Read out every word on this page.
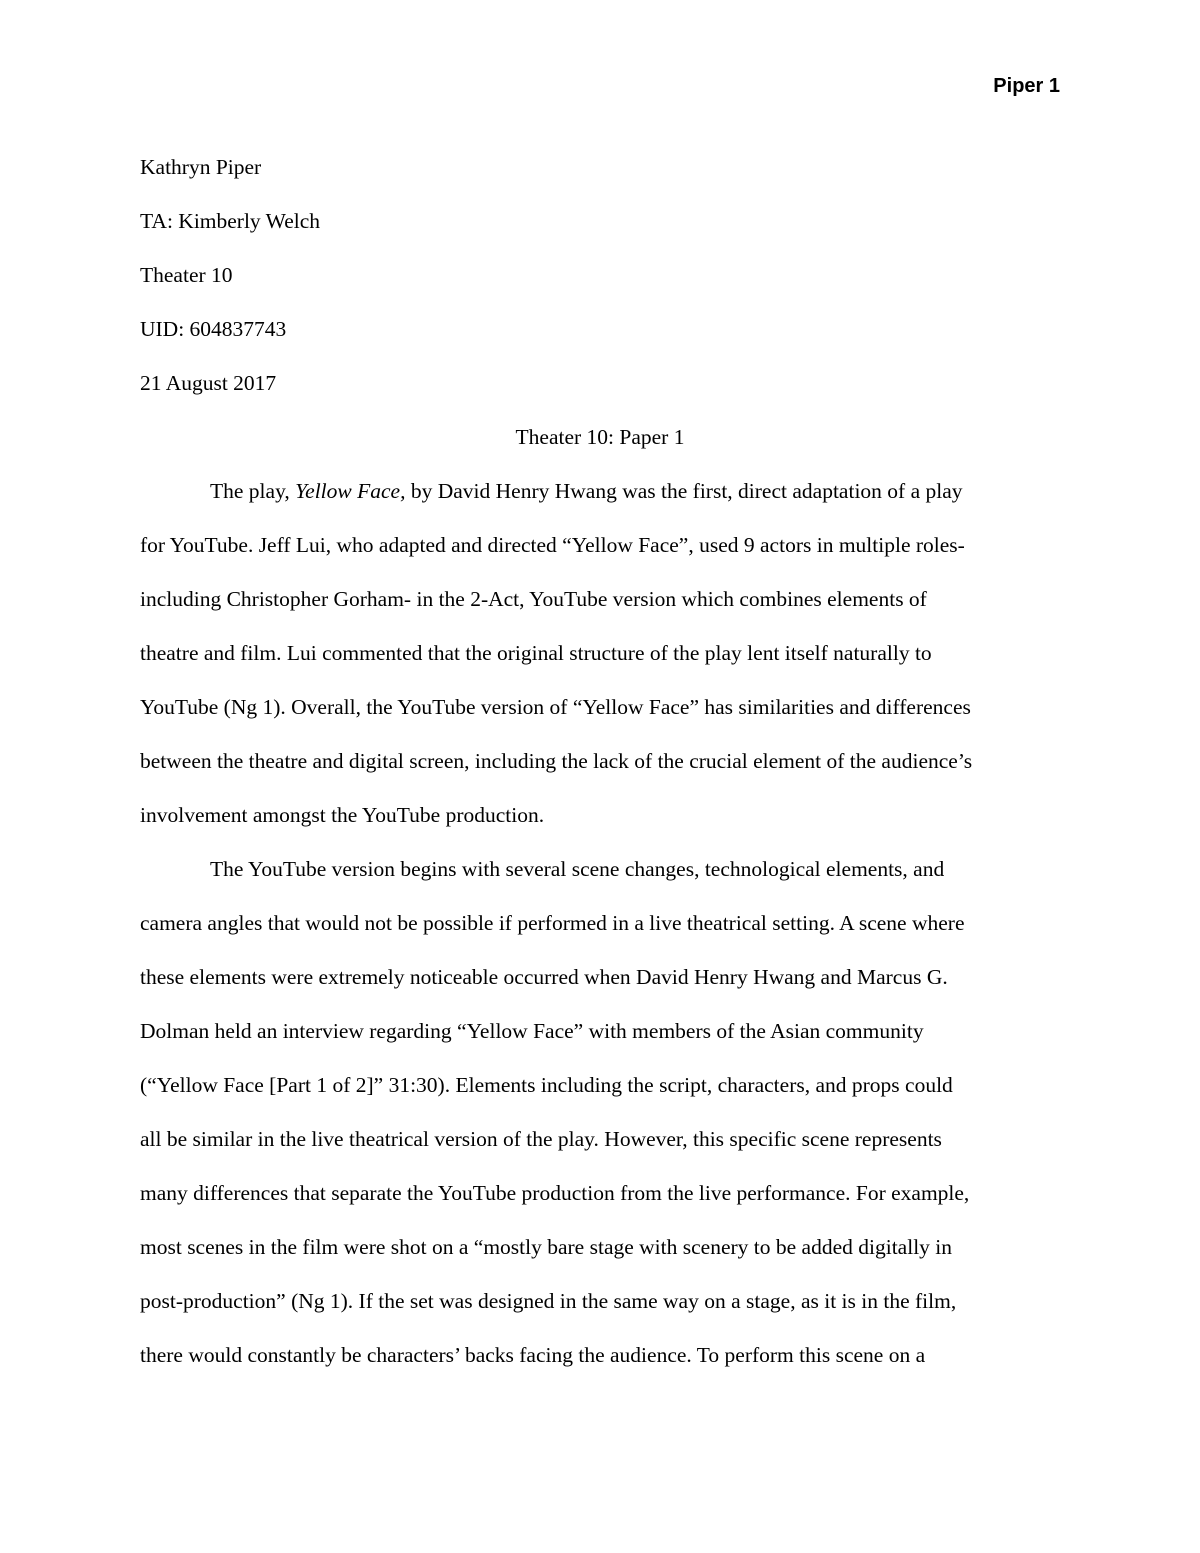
Piper 1
Kathryn Piper
TA: Kimberly Welch
Theater 10
UID: 604837743
21 August 2017
Theater 10: Paper 1
The play, Yellow Face, by David Henry Hwang was the first, direct adaptation of a play
for YouTube. Jeff Lui, who adapted and directed “Yellow Face”, used 9 actors in multiple roles-
including Christopher Gorham- in the 2-Act, YouTube version which combines elements of
theatre and film. Lui commented that the original structure of the play lent itself naturally to
YouTube (Ng 1). Overall, the YouTube version of “Yellow Face” has similarities and differences
between the theatre and digital screen, including the lack of the crucial element of the audience’s
involvement amongst the YouTube production.
The YouTube version begins with several scene changes, technological elements, and
camera angles that would not be possible if performed in a live theatrical setting. A scene where
these elements were extremely noticeable occurred when David Henry Hwang and Marcus G.
Dolman held an interview regarding “Yellow Face” with members of the Asian community
(“Yellow Face [Part 1 of 2]” 31:30). Elements including the script, characters, and props could
all be similar in the live theatrical version of the play. However, this specific scene represents
many differences that separate the YouTube production from the live performance. For example,
most scenes in the film were shot on a “mostly bare stage with scenery to be added digitally in
post-production” (Ng 1). If the set was designed in the same way on a stage, as it is in the film,
there would constantly be characters’ backs facing the audience. To perform this scene on a
